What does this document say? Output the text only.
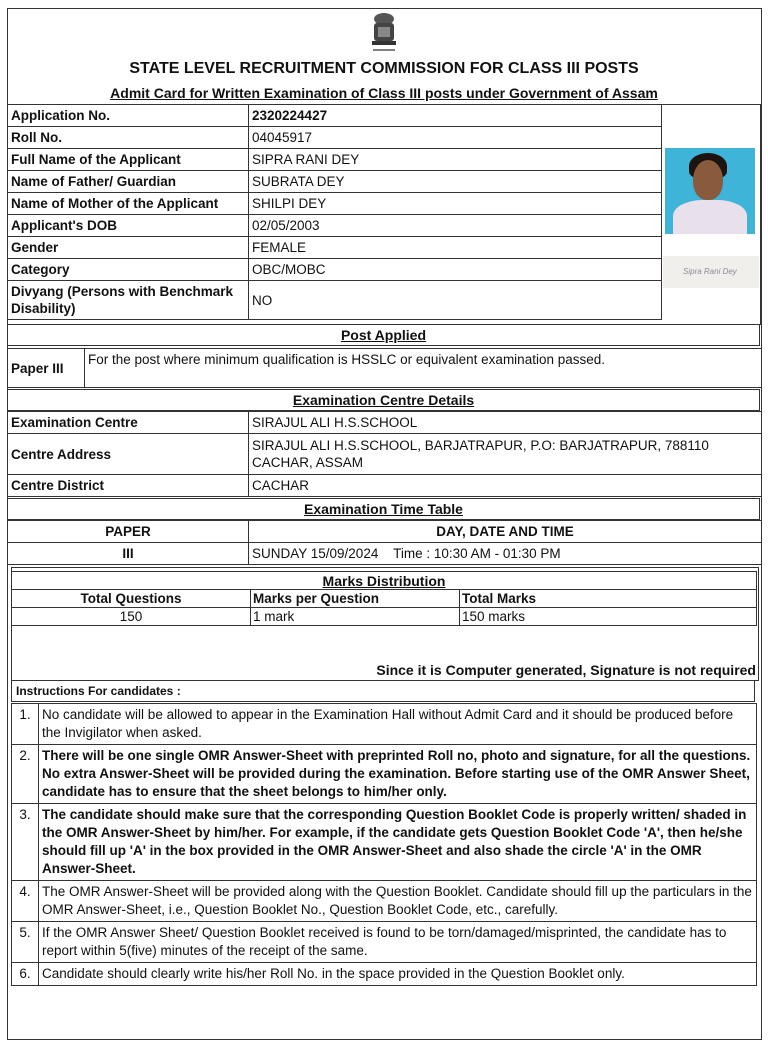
STATE LEVEL RECRUITMENT COMMISSION FOR CLASS III POSTS
Admit Card for Written Examination of Class III posts under Government of Assam
Application No.	2320224427
Roll No.	04045917
Full Name of the Applicant	SIPRA RANI DEY
Name of Father/ Guardian	SUBRATA DEY
Name of Mother of the Applicant	SHILPI DEY
Applicant's DOB	02/05/2003
Gender	FEMALE
Category	OBC/MOBC
Divyang (Persons with Benchmark Disability)	NO
Sipra Rani Dey
Post Applied
Paper III	For the post where minimum qualification is HSSLC or equivalent examination passed.
Examination Centre Details
Examination Centre	SIRAJUL ALI H.S.SCHOOL
Centre Address	SIRAJUL ALI H.S.SCHOOL, BARJATRAPUR, P.O: BARJATRAPUR, 788110 CACHAR, ASSAM
Centre District	CACHAR
Examination Time Table
PAPER	DAY, DATE AND TIME
III	SUNDAY 15/09/2024    Time : 10:30 AM - 01:30 PM
Marks Distribution		
Total Questions	Marks per Question	Total Marks
150	1 mark	150 marks
Since it is Computer generated, Signature is not required
Instructions For candidates :
1.	No candidate will be allowed to appear in the Examination Hall without Admit Card and it should be produced before the Invigilator when asked.
2.	There will be one single OMR Answer-Sheet with preprinted Roll no, photo and signature, for all the questions. No extra Answer-Sheet will be provided during the examination. Before starting use of the OMR Answer Sheet, candidate has to ensure that the sheet belongs to him/her only.
3.	The candidate should make sure that the corresponding Question Booklet Code is properly written/ shaded in the OMR Answer-Sheet by him/her. For example, if the candidate gets Question Booklet Code 'A', then he/she should fill up 'A' in the box provided in the OMR Answer-Sheet and also shade the circle 'A' in the OMR Answer-Sheet.
4.	The OMR Answer-Sheet will be provided along with the Question Booklet. Candidate should fill up the particulars in the OMR Answer-Sheet, i.e., Question Booklet No., Question Booklet Code, etc., carefully.
5.	If the OMR Answer Sheet/ Question Booklet received is found to be torn/damaged/misprinted, the candidate has to report within 5(five) minutes of the receipt of the same.
6.	Candidate should clearly write his/her Roll No. in the space provided in the Question Booklet only.
